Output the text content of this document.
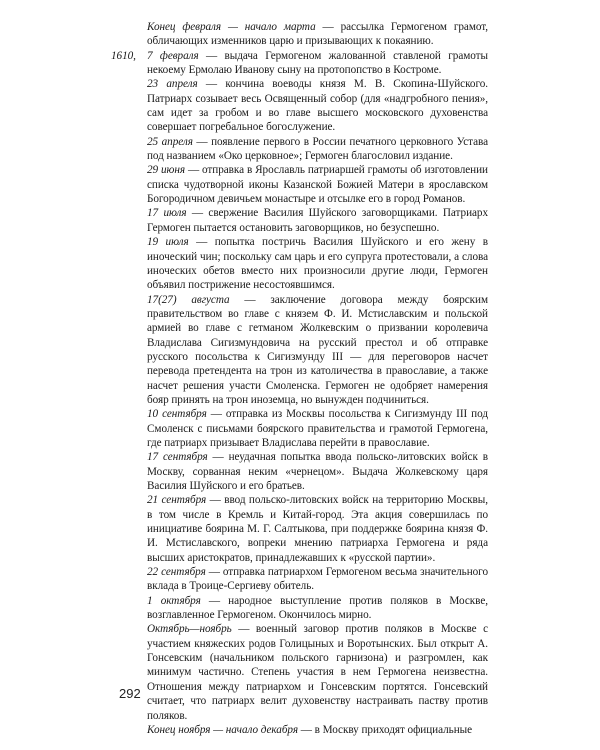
Конец февраля — начало марта — рассылка Гермогеном грамот, обличающих изменников царю и призывающих к покаянию.

1610, 7 февраля — выдача Гермогеном жалованной ставленой грамоты некоему Ермолаю Иванову сыну на протопопство в Костроме.

23 апреля — кончина воеводы князя М. В. Скопина-Шуйского. Патриарх созывает весь Освященный собор (для «надгробного пения», сам идет за гробом и во главе высшего московского духовенства совершает погребальное богослужение.

25 апреля — появление первого в России печатного церковного Устава под названием «Око церковное»; Гермоген благословил издание.

29 июня — отправка в Ярославль патриаршей грамоты об изготовлении списка чудотворной иконы Казанской Божией Матери в ярославском Богородичном девичьем монастыре и отсылке его в город Романов.

17 июля — свержение Василия Шуйского заговорщиками. Патриарх Гермоген пытается остановить заговорщиков, но безуспешно.

19 июля — попытка постричь Василия Шуйского и его жену в иноческий чин; поскольку сам царь и его супруга протестовали, а слова иноческих обетов вместо них произносили другие люди, Гермоген объявил пострижение несостоявшимся.

17(27) августа — заключение договора между боярским правительством во главе с князем Ф. И. Мстиславским и польской армией во главе с гетманом Жолкевским о призвании королевича Владислава Сигизмундовича на русский престол и об отправке русского посольства к Сигизмунду III — для переговоров насчет перевода претендента на трон из католичества в православие, а также насчет решения участи Смоленска. Гермоген не одобряет намерения бояр принять на трон иноземца, но вынужден подчиниться.

10 сентября — отправка из Москвы посольства к Сигизмунду III под Смоленск с письмами боярского правительства и грамотой Гермогена, где патриарх призывает Владислава перейти в православие.

17 сентября — неудачная попытка ввода польско-литовских войск в Москву, сорванная неким «чернецом». Выдача Жолкевскому царя Василия Шуйского и его братьев.

21 сентября — ввод польско-литовских войск на территорию Москвы, в том числе в Кремль и Китай-город. Эта акция совершилась по инициативе боярина М. Г. Салтыкова, при поддержке боярина князя Ф. И. Мстиславского, вопреки мнению патриарха Гермогена и ряда высших аристократов, принадлежавших к «русской партии».

22 сентября — отправка патриархом Гермогеном весьма значительного вклада в Троице-Сергиеву обитель.

1 октября — народное выступление против поляков в Москве, возглавленное Гермогеном. Окончилось мирно.

Октябрь—ноябрь — военный заговор против поляков в Москве с участием княжеских родов Голицыных и Воротынских. Был открыт А. Гонсевским (начальником польского гарнизона) и разгромлен, как минимум частично. Степень участия в нем Гермогена неизвестна. Отношения между патриархом и Гонсевским портятся. Гонсевский считает, что патриарх велит духовенству настраивать паству против поляков.

Конец ноября — начало декабря — в Москву приходят официальные

292
